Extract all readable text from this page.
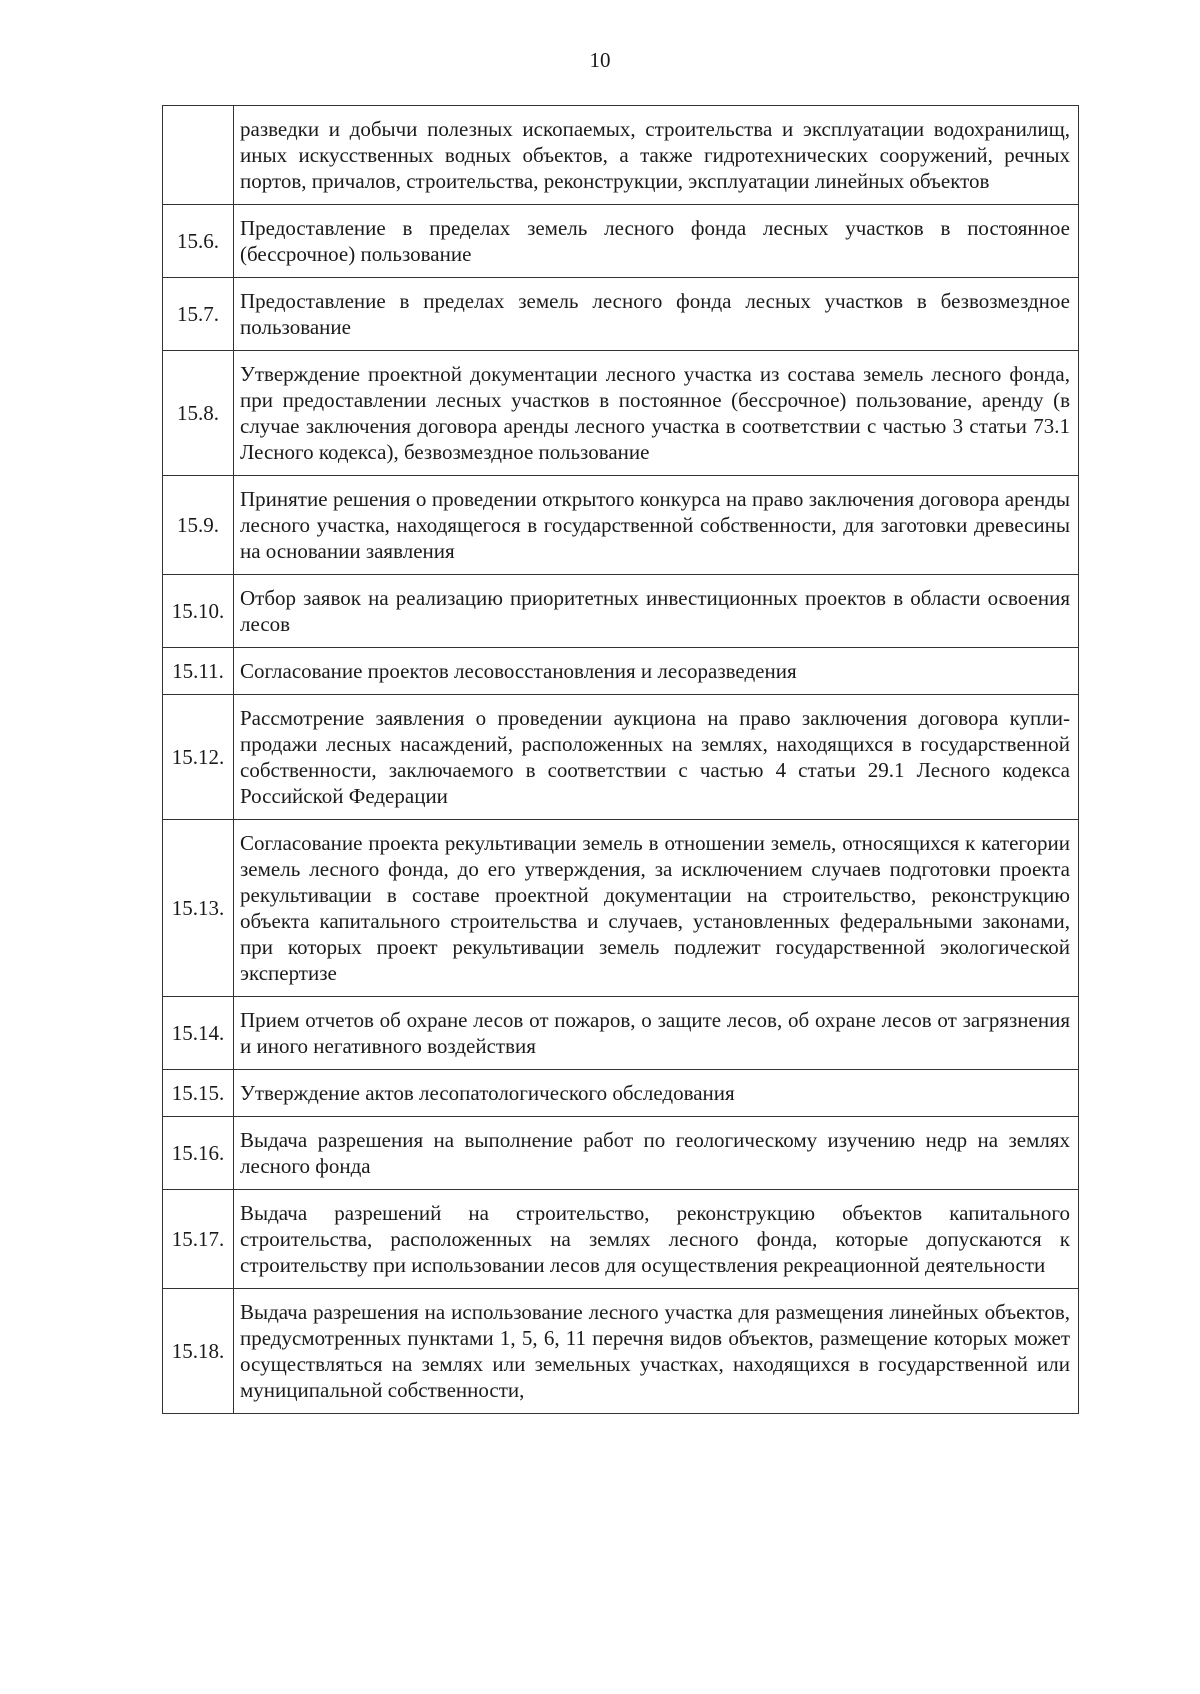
10
	разведки и добычи полезных ископаемых, строительства и эксплуатации водохранилищ, иных искусственных водных объектов, а также гидротехнических сооружений, речных портов, причалов, строительства, реконструкции, эксплуатации линейных объектов
15.6.	Предоставление в пределах земель лесного фонда лесных участков в постоянное (бессрочное) пользование
15.7.	Предоставление в пределах земель лесного фонда лесных участков в безвозмездное пользование
15.8.	Утверждение проектной документации лесного участка из состава земель лесного фонда, при предоставлении лесных участков в постоянное (бессрочное) пользование, аренду (в случае заключения договора аренды лесного участка в соответствии с частью 3 статьи 73.1 Лесного кодекса), безвозмездное пользование
15.9.	Принятие решения о проведении открытого конкурса на право заключения договора аренды лесного участка, находящегося в государственной собственности, для заготовки древесины на основании заявления
15.10.	Отбор заявок на реализацию приоритетных инвестиционных проектов в области освоения лесов
15.11.	Согласование проектов лесовосстановления и лесоразведения
15.12.	Рассмотрение заявления о проведении аукциона на право заключения договора купли-продажи лесных насаждений, расположенных на землях, находящихся в государственной собственности, заключаемого в соответствии с частью 4 статьи 29.1 Лесного кодекса Российской Федерации
15.13.	Согласование проекта рекультивации земель в отношении земель, относящихся к категории земель лесного фонда, до его утверждения, за исключением случаев подготовки проекта рекультивации в составе проектной документации на строительство, реконструкцию объекта капитального строительства и случаев, установленных федеральными законами, при которых проект рекультивации земель подлежит государственной экологической экспертизе
15.14.	Прием отчетов об охране лесов от пожаров, о защите лесов, об охране лесов от загрязнения и иного негативного воздействия
15.15.	Утверждение актов лесопатологического обследования
15.16.	Выдача разрешения на выполнение работ по геологическому изучению недр на землях лесного фонда
15.17.	Выдача разрешений на строительство, реконструкцию объектов капитального строительства, расположенных на землях лесного фонда, которые допускаются к строительству при использовании лесов для осуществления рекреационной деятельности
15.18.	Выдача разрешения на использование лесного участка для размещения линейных объектов, предусмотренных пунктами 1, 5, 6, 11 перечня видов объектов, размещение которых может осуществляться на землях или земельных участках, находящихся в государственной или муниципальной собственности,
